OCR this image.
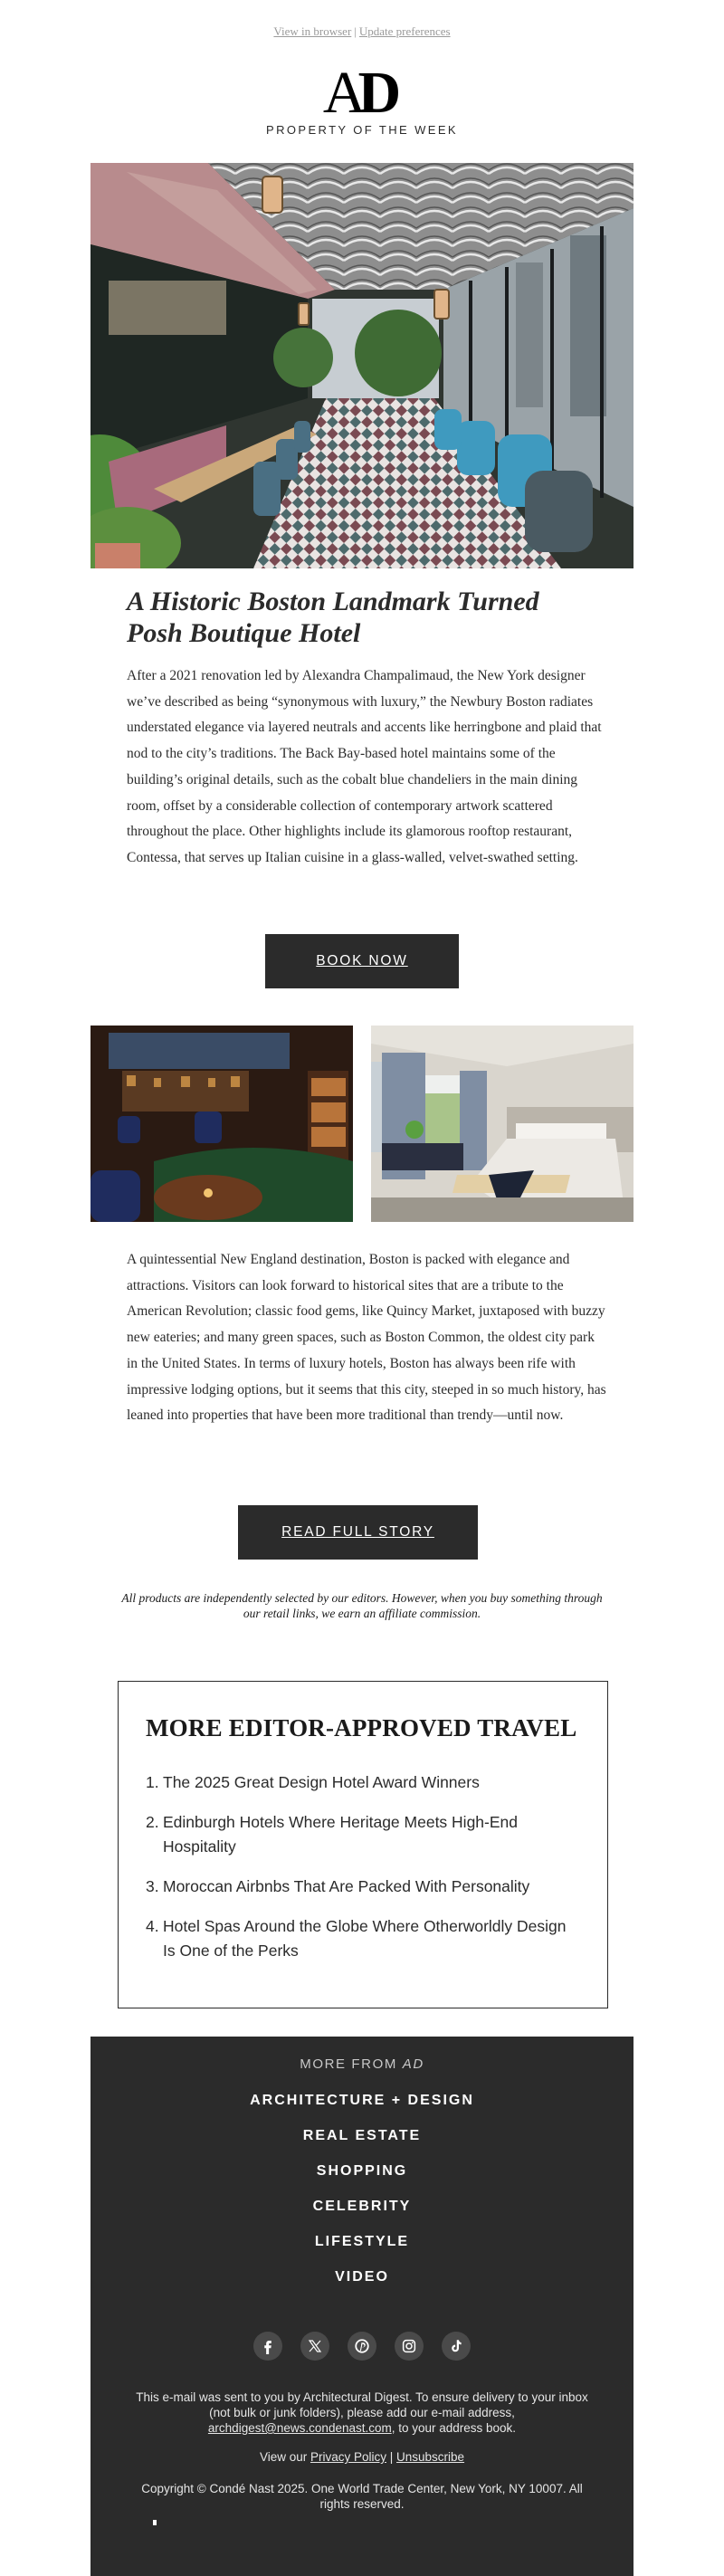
View in browser | Update preferences
AD
PROPERTY OF THE WEEK
A Historic Boston Landmark Turned Posh Boutique Hotel

After a 2021 renovation led by Alexandra Champalimaud, the New York designer we’ve described as being “synonymous with luxury,” the Newbury Boston radiates understated elegance via layered neutrals and accents like herringbone and plaid that nod to the city’s traditions. The Back Bay-based hotel maintains some of the building’s original details, such as the cobalt blue chandeliers in the main dining room, offset by a considerable collection of contemporary artwork scattered throughout the place. Other highlights include its glamorous rooftop restaurant, Contessa, that serves up Italian cuisine in a glass-walled, velvet-swathed setting.

BOOK NOW

A quintessential New England destination, Boston is packed with elegance and attractions. Visitors can look forward to historical sites that are a tribute to the American Revolution; classic food gems, like Quincy Market, juxtaposed with buzzy new eateries; and many green spaces, such as Boston Common, the oldest city park in the United States. In terms of luxury hotels, Boston has always been rife with impressive lodging options, but it seems that this city, steeped in so much history, has leaned into properties that have been more traditional than trendy—until now.

READ FULL STORY

All products are independently selected by our editors. However, when you buy something through our retail links, we earn an affiliate commission.

MORE EDITOR-APPROVED TRAVEL
1. The 2025 Great Design Hotel Award Winners
2. Edinburgh Hotels Where Heritage Meets High-End Hospitality
3. Moroccan Airbnbs That Are Packed With Personality
4. Hotel Spas Around the Globe Where Otherworldly Design Is One of the Perks
MORE FROM AD
ARCHITECTURE + DESIGN
REAL ESTATE
SHOPPING
CELEBRITY
LIFESTYLE
VIDEO

This e-mail was sent to you by Architectural Digest. To ensure delivery to your inbox (not bulk or junk folders), please add our e-mail address, archdigest@news.condenast.com, to your address book.

View our Privacy Policy | Unsubscribe

Copyright © Condé Nast 2025. One World Trade Center, New York, NY 10007. All rights reserved.
